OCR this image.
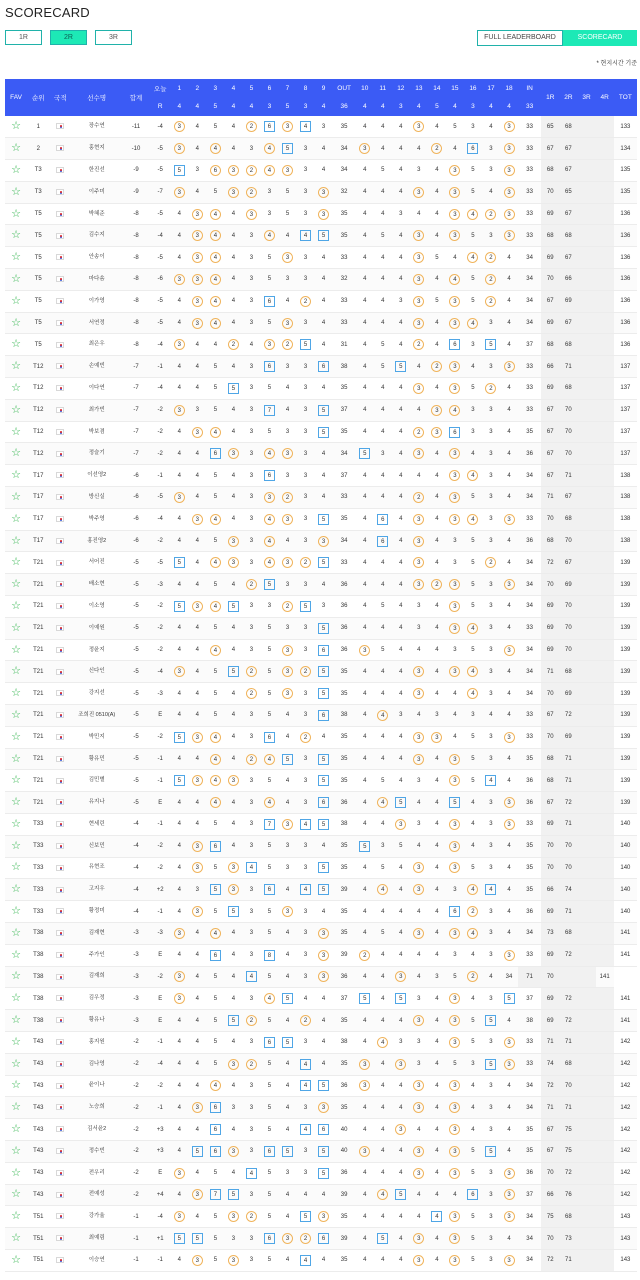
SCORECARD
1R	2R	3R	FULL LEADERBOARD	SCORECARD
* 현지시간 기준
FAV	순위	국적	선수명	합계	오늘	1	2	3	4	5	6	7	8	9	OUT	10	11	12	13	14	15	16	17	18	IN	1R	2R	3R	4R	TOT
					R	4	4	5	4	4	3	5	3	4	36	4	4	3	4	5	4	3	4	4	33					
☆	1		장수연	-11	-4	3	4	5	4	2	6	3	4	3	35	4	4	4	3	4	5	3	4	3	33	65	68			133
☆	2		홍현지	-10	-5	3	4	4	4	3	4	5	3	4	34	3	4	4	4	2	4	6	3	3	33	67	67			134
☆	T3		한진선	-9	-5	5	3	6	3	2	4	3	3	4	34	4	5	4	3	4	3	5	3	3	33	68	67			135
☆	T3		이주미	-9	-7	3	4	5	3	2	3	5	3	3	32	4	4	4	3	4	3	5	4	3	33	70	65			135
☆	T5		박혜준	-8	-5	4	3	4	4	3	3	5	3	3	35	4	4	3	4	4	3	4	2	3	33	69	67			136
☆	T5		김수지	-8	-4	4	3	4	4	3	4	4	4	5	35	4	5	4	3	4	3	5	3	3	33	68	68			136
☆	T5		안송이	-8	-5	4	3	4	4	3	5	3	3	4	33	4	4	4	3	5	4	4	2	4	34	69	67			136
☆	T5		마다솜	-8	-6	3	3	4	4	3	5	3	3	4	32	4	4	4	3	4	4	5	2	4	34	70	66			136
☆	T5		이가영	-8	-5	4	3	4	4	3	6	4	2	4	33	4	4	3	3	5	3	5	2	4	34	67	69			136
☆	T5		서연정	-8	-5	4	3	4	4	3	5	3	3	4	33	4	4	4	3	4	3	4	3	4	34	69	67			136
☆	T5		최은우	-8	-4	3	4	4	2	4	3	2	5	4	31	4	5	4	2	4	6	3	5	4	37	68	68			136
☆	T12		손예빈	-7	-1	4	4	5	4	3	6	3	3	6	38	4	5	5	4	2	3	4	3	3	33	66	71			137
☆	T12		이다연	-7	-4	4	4	5	5	3	5	4	3	4	35	4	4	4	3	4	3	5	2	4	33	69	68			137
☆	T12		최가빈	-7	-2	3	3	5	4	3	7	4	3	5	37	4	4	4	4	3	4	3	3	4	33	67	70			137
☆	T12		박보겸	-7	-2	4	3	4	4	3	5	3	3	5	35	4	4	4	2	3	6	3	3	4	35	67	70			137
☆	T12		정슬기	-7	-2	4	4	6	3	3	4	3	3	4	34	5	3	4	3	4	3	4	3	4	36	67	70			137
☆	T17		이선영2	-6	-1	4	4	5	4	3	6	3	3	4	37	4	4	4	4	4	3	4	3	4	34	67	71			138
☆	T17		방신실	-6	-5	3	4	5	4	3	3	2	3	4	33	4	4	4	2	4	3	5	3	4	34	71	67			138
☆	T17		박주영	-6	-4	4	3	4	4	3	4	3	3	5	35	4	6	4	3	4	3	4	3	3	33	70	68			138
☆	T17		홍진영2	-6	-2	4	4	5	3	3	4	4	3	3	34	4	6	4	3	4	3	5	3	4	36	68	70			138
☆	T21		서어진	-5	-5	5	4	4	3	3	4	3	2	5	33	4	4	4	3	4	3	5	2	4	34	72	67			139
☆	T21		배소현	-5	-3	4	4	5	4	2	5	3	3	4	36	4	4	4	3	2	3	5	3	3	34	70	69			139
☆	T21		이소영	-5	-2	5	3	4	5	3	3	2	5	3	36	4	5	4	3	4	3	5	3	4	34	69	70			139
☆	T21		이예원	-5	-2	4	4	5	4	3	5	3	3	5	36	4	4	4	3	4	3	4	3	4	33	69	70			139
☆	T21		정윤지	-5	-2	4	4	4	4	3	5	3	3	6	36	3	5	4	4	4	3	5	3	3	34	69	70			139
☆	T21		신다인	-5	-4	3	4	5	5	2	5	3	2	5	35	4	4	4	3	4	3	4	3	4	34	71	68			139
☆	T21		강지선	-5	-3	4	4	5	4	2	5	3	3	5	35	4	4	4	3	4	4	4	3	4	34	70	69			139
☆	T21		조희진 0510(A)	-5	E	4	4	5	4	3	5	4	3	6	38	4	4	3	4	3	4	3	4	4	33	67	72			139
☆	T21		박민지	-5	-2	5	3	4	4	3	6	4	2	4	35	4	4	4	3	3	4	5	3	3	33	70	69			139
☆	T21		황유민	-5	-1	4	4	4	4	2	4	5	3	5	35	4	4	4	3	4	3	5	3	4	35	68	71			139
☆	T21		김민별	-5	-1	5	3	4	3	3	5	4	3	5	35	4	5	4	3	4	3	5	4	4	36	68	71			139
☆	T21		유지나	-5	E	4	4	4	4	3	4	4	3	6	36	4	4	5	4	4	5	4	3	3	36	67	72			139
☆	T33		현세린	-4	-1	4	4	5	4	3	7	3	4	5	38	4	4	3	3	4	3	4	3	3	33	69	71			140
☆	T33		신보민	-4	-2	4	3	6	4	3	5	3	3	4	35	5	3	5	4	4	3	4	3	4	35	70	70			140
☆	T33		유현조	-4	-2	4	3	5	3	4	5	3	3	5	35	4	5	4	3	4	3	5	3	4	35	70	70			140
☆	T33		고지우	-4	+2	4	3	5	3	3	6	4	4	5	39	4	4	4	3	4	3	4	4	4	35	66	74			140
☆	T33		황정미	-4	-1	4	3	5	5	3	5	3	3	4	35	4	4	4	4	4	6	2	3	4	36	69	71			140
☆	T38		김재현	-3	-3	3	4	4	4	3	5	4	3	3	35	4	5	4	3	4	3	4	3	4	34	73	68			141
☆	T38		주가인	-3	E	4	4	6	4	3	8	4	3	3	39	2	4	4	4	4	3	4	3	3	33	69	72			141
☆	T38		김재희	-3	-2	3	4	5	4	4	5	4	3	3	36	4	4	3	4	3	5	2	4	34	71	70			141	
☆	T38		김우정	-3	E	3	4	5	4	3	4	5	4	4	37	5	4	5	3	4	3	4	3	5	37	69	72			141
☆	T38		황유나	-3	E	4	4	5	5	2	5	4	2	4	35	4	4	4	3	4	3	5	5	4	38	69	72			141
☆	T43		홍지원	-2	-1	4	4	5	4	3	6	5	3	4	38	4	4	3	3	4	3	5	3	3	33	71	71			142
☆	T43		김나영	-2	-4	4	4	5	3	2	5	4	4	4	35	3	4	3	3	4	5	3	5	3	33	74	68			142
☆	T43		윤이나	-2	-2	4	4	4	4	3	5	4	4	5	36	3	4	4	3	4	3	4	3	4	34	72	70			142
☆	T43		노승희	-2	-1	4	3	6	3	3	5	4	3	3	35	4	4	4	3	4	3	4	3	4	34	71	71			142
☆	T43		김서윤2	-2	+3	4	4	6	4	3	5	4	4	6	40	4	4	3	4	4	3	4	3	4	35	67	75			142
☆	T43		정수빈	-2	+3	4	5	6	3	3	6	5	3	5	40	3	4	4	3	4	3	5	5	4	35	67	75			142
☆	T43		전우리	-2	E	3	4	5	4	4	5	3	3	5	36	4	4	4	3	4	3	5	3	3	36	70	72			142
☆	T43		전예성	-2	+4	4	3	7	5	3	5	4	4	4	39	4	4	5	4	4	4	6	3	3	37	66	76			142
☆	T51		강가율	-1	-4	3	4	5	3	2	5	4	5	3	35	4	4	4	4	4	3	5	3	3	34	75	68			143
☆	T51		최예림	-1	+1	5	5	5	3	3	6	3	2	6	39	4	5	4	3	4	3	5	3	4	34	70	73			143
☆	T51		이승연	-1	-1	4	3	5	3	3	5	4	4	4	35	4	4	4	3	4	3	5	3	3	34	72	71			143
